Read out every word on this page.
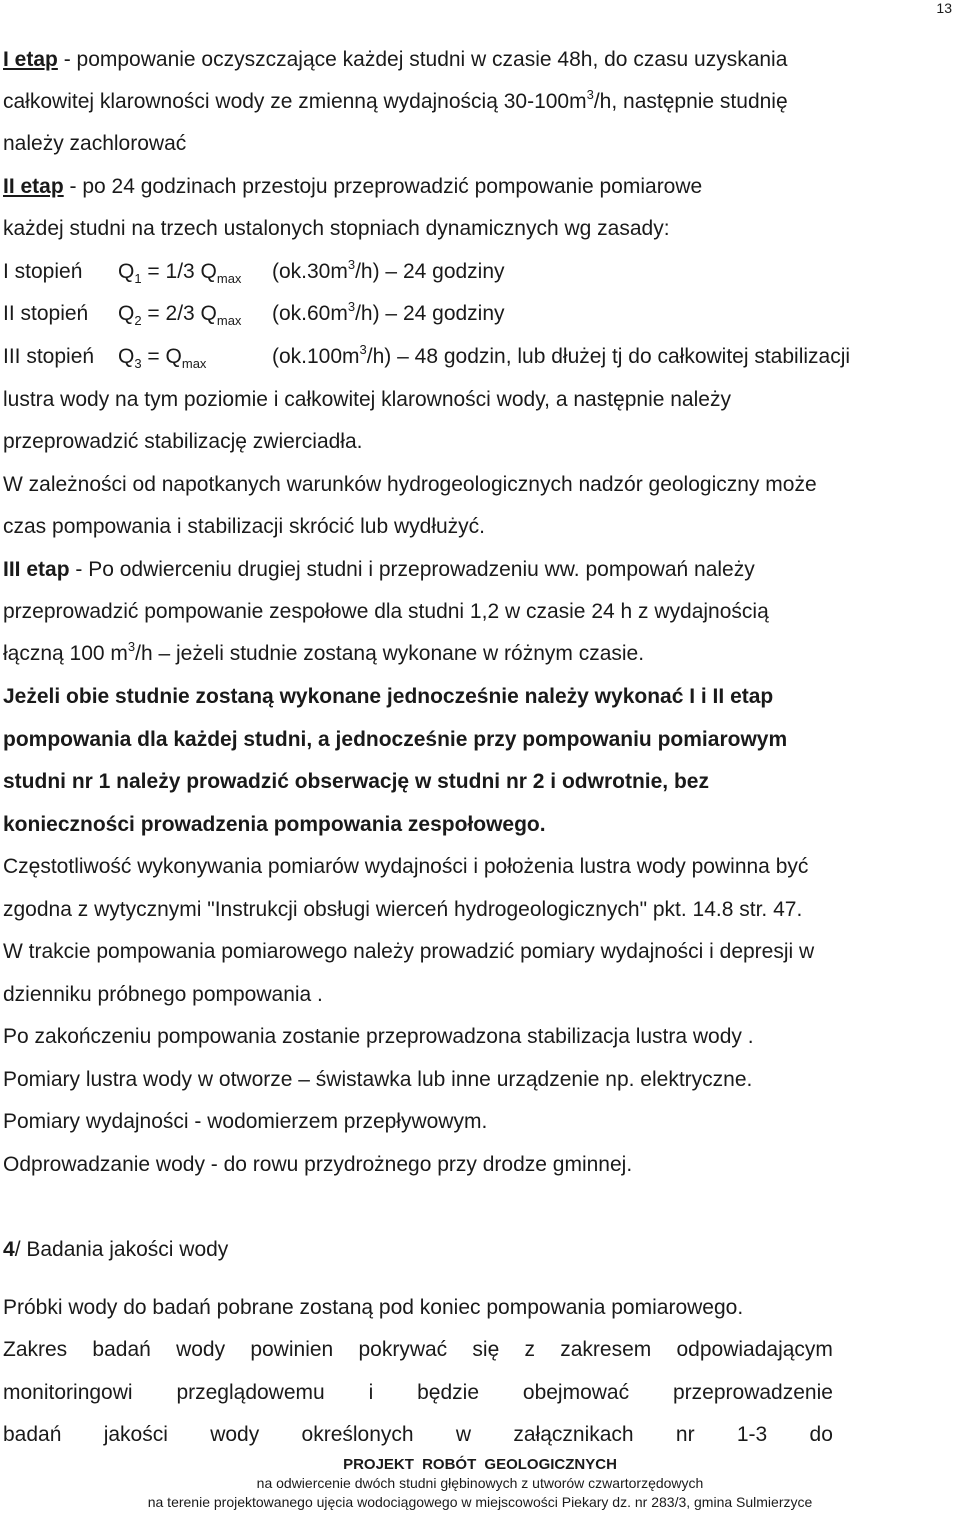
13
I etap - pompowanie oczyszczające każdej studni w czasie 48h, do czasu uzyskania
całkowitej klarowności wody ze zmienną wydajnością $30-100m^3/h$, następnie studnię
należy zachlorować
II etap - po 24 godzinach przestoju przeprowadzić pompowanie pomiarowe
każdej studni na trzech ustalonych stopniach dynamicznych wg zasady:
I stopień $Q_1 = 1/3$ $Q_{max}$ $(ok.30m^3/h) - 24$ godziny
II stopień $Q_2 = 2/3$ $Q_{max}$ $(ok.60m^3/h) - 24$ godziny
III stopień $Q_3 = Q_{max}$	$(ok.100m^3/h) - 48$ godzin, lub dłużej tj do całkowitej stabilizacji
lustra wody na tym poziomie i całkowitej klarowności wody, a następnie należy
przeprowadzić stabilizację zwierciadła.
W zależności od napotkanych warunków hydrogeologicznych nadzór geologiczny może
czas pompowania i stabilizacji skrócić lub wydłużyć.
III etap - Po odwierceniu drugiej studni i przeprowadzeniu ww. pompowań należy
przeprowadzić pompowanie zespołowe dla studni 1,2 w czasie 24 h z wydajnością
łączną 100 $m^3/h$ – jeżeli studnie zostaną wykonane w różnym czasie.
Jeżeli obie studnie zostaną wykonane jednocześnie należy wykonać I i II etap
pompowania dla każdej studni, a jednocześnie przy pompowaniu pomiarowym
studni nr 1 należy prowadzić obserwację w studni nr 2 i odwrotnie, bez
konieczności prowadzenia pompowania zespołowego.
Częstotliwość wykonywania pomiarów wydajności i położenia lustra wody powinna być
zgodna z wytycznymi "Instrukcji obsługi wierceń hydrogeologicznych" pkt. 14.8 str. 47.
W trakcie pompowania pomiarowego należy prowadzić pomiary wydajności i depresji w
dzienniku próbnego pompowania .
Po zakończeniu pompowania zostanie przeprowadzona stabilizacja lustra wody .
Pomiary lustra wody w otworze – świstawka lub inne urządzenie np. elektryczne.
Pomiary wydajności - wodomierzem przepływowym.
Odprowadzanie wody - do rowu przydrożnego przy drodze gminnej.
4/ Badania jakości wody
Próbki wody do badań pobrane zostaną pod koniec pompowania pomiarowego.
Zakres badań wody powinien pokrywać się z zakresem odpowiadającym
monitoringowi przeglądowemu i będzie obejmować przeprowadzenie
badań jakości wody określonych w załącznikach nr 1-3 do
PROJEKT ROBÓT GEOLOGICZNYCH
na odwiercenie dwóch studni głębinowych z utworów czwartorzędowych
na terenie projektowanego ujęcia wodociągowego w miejscowości Piekary dz. nr 283/3, gmina Sulmierzyce
